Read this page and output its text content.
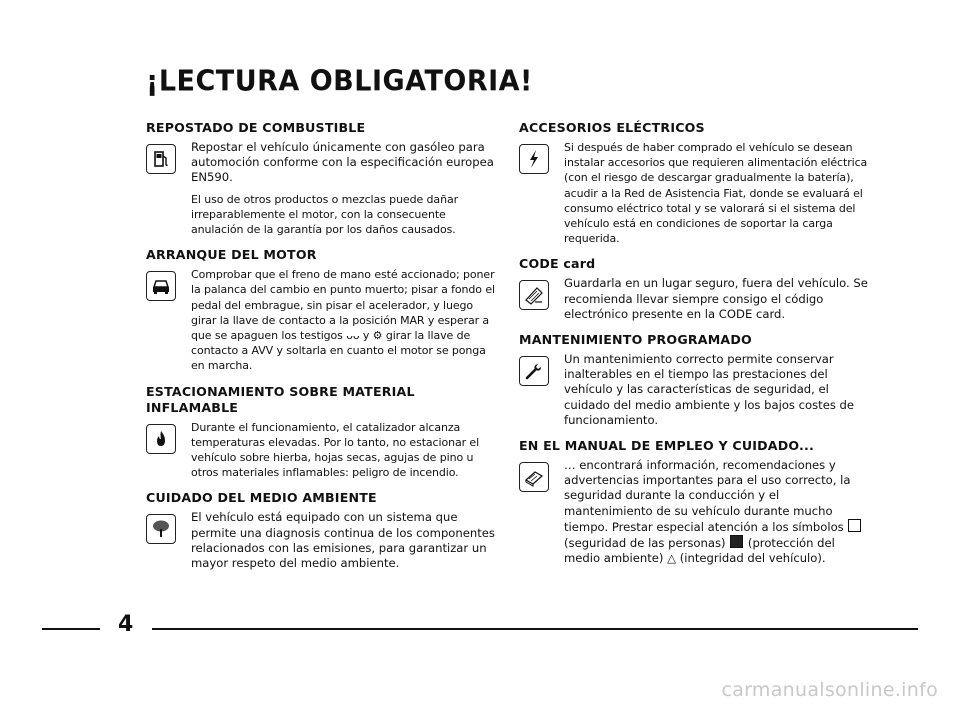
¡LECTURA OBLIGATORIA!
REPOSTADO DE COMBUSTIBLE

Repostar el vehículo únicamente con gasóleo para automoción conforme con la especificación europea EN590.

El uso de otros productos o mezclas puede dañar irreparablemente el motor, con la consecuente anulación de la garantía por los daños causados.

ARRANQUE DEL MOTOR

Comprobar que el freno de mano esté accionado; poner la palanca del cambio en punto muerto; pisar a fondo el pedal del embrague, sin pisar el acelerador, y luego girar la llave de contacto a la posición MAR y esperar a que se apaguen los testigos ᴗᴗ y ⚙ girar la llave de contacto a AVV y soltarla en cuanto el motor se ponga en marcha.

ESTACIONAMIENTO SOBRE MATERIAL INFLAMABLE

Durante el funcionamiento, el catalizador alcanza temperaturas elevadas. Por lo tanto, no estacionar el vehículo sobre hierba, hojas secas, agujas de pino u otros materiales inflamables: peligro de incendio.

CUIDADO DEL MEDIO AMBIENTE

El vehículo está equipado con un sistema que permite una diagnosis continua de los componentes relacionados con las emisiones, para garantizar un mayor respeto del medio ambiente.

ACCESORIOS ELÉCTRICOS

Si después de haber comprado el vehículo se desean instalar accesorios que requieren alimentación eléctrica (con el riesgo de descargar gradualmente la batería), acudir a la Red de Asistencia Fiat, donde se evaluará el consumo eléctrico total y se valorará si el sistema del vehículo está en condiciones de soportar la carga requerida.

CODE card

Guardarla en un lugar seguro, fuera del vehículo. Se recomienda llevar siempre consigo el código electrónico presente en la CODE card.

MANTENIMIENTO PROGRAMADO

Un mantenimiento correcto permite conservar inalterables en el tiempo las prestaciones del vehículo y las características de seguridad, el cuidado del medio ambiente y los bajos costes de funcionamiento.

EN EL MANUAL DE EMPLEO Y CUIDADO...

… encontrará información, recomendaciones y advertencias importantes para el uso correcto, la seguridad durante la conducción y el mantenimiento de su vehículo durante mucho tiempo. Prestar especial atención a los símbolos  (seguridad de las personas)  (protección del medio ambiente) △ (integridad del vehículo).

4
carmanualsonline.info
